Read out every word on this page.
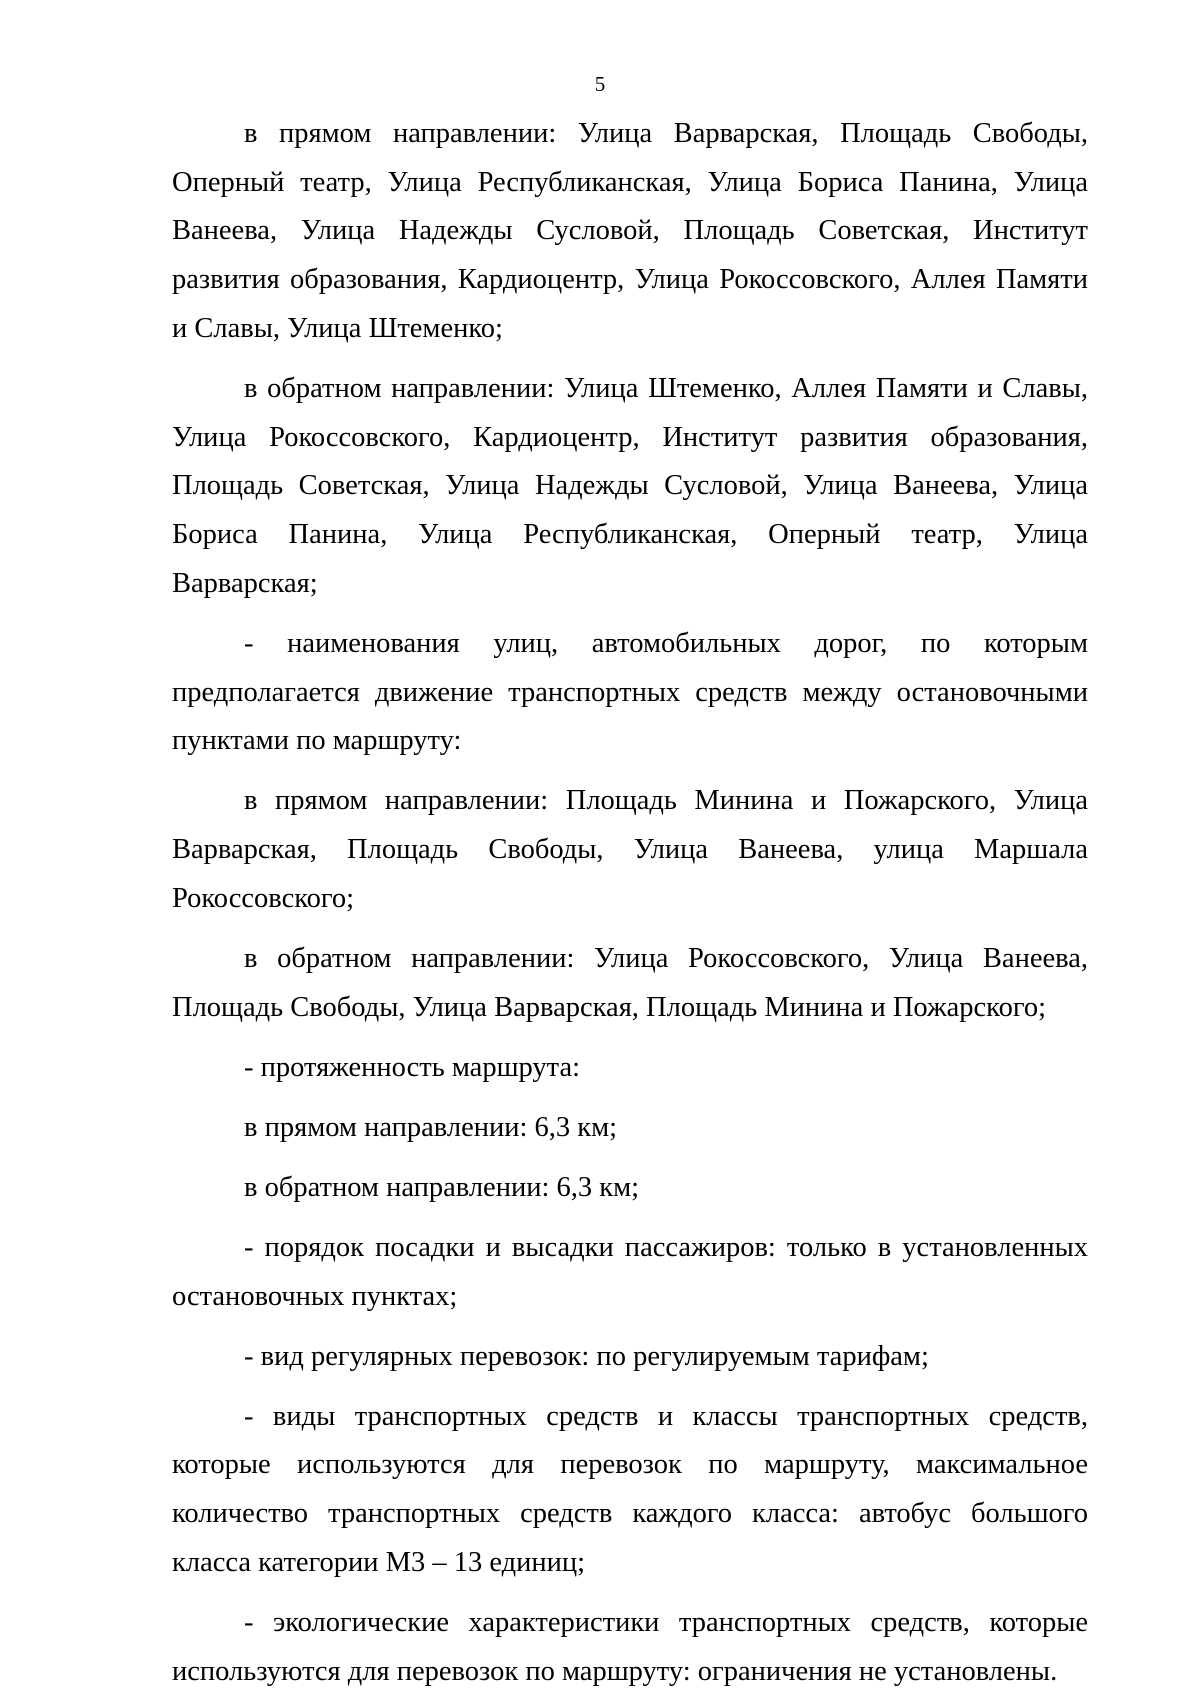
5

в прямом направлении: Улица Варварская, Площадь Свободы, Оперный театр, Улица Республиканская, Улица Бориса Панина, Улица Ванеева, Улица Надежды Сусловой, Площадь Советская, Институт развития образования, Кардиоцентр, Улица Рокоссовского, Аллея Памяти и Славы, Улица Штеменко;

в обратном направлении: Улица Штеменко, Аллея Памяти и Славы, Улица Рокоссовского, Кардиоцентр, Институт развития образования, Площадь Советская, Улица Надежды Сусловой, Улица Ванеева, Улица Бориса Панина, Улица Республиканская, Оперный театр, Улица Варварская;

- наименования улиц, автомобильных дорог, по которым предполагается движение транспортных средств между остановочными пунктами по маршруту:

в прямом направлении: Площадь Минина и Пожарского, Улица Варварская, Площадь Свободы, Улица Ванеева, улица Маршала Рокоссовского;

в обратном направлении: Улица Рокоссовского, Улица Ванеева, Площадь Свободы, Улица Варварская, Площадь Минина и Пожарского;

- протяженность маршрута:

в прямом направлении: 6,3 км;

в обратном направлении: 6,3 км;

- порядок посадки и высадки пассажиров: только в установленных остановочных пунктах;

- вид регулярных перевозок: по регулируемым тарифам;

- виды транспортных средств и классы транспортных средств, которые используются для перевозок по маршруту, максимальное количество транспортных средств каждого класса: автобус большого класса категории М3 – 13 единиц;

- экологические характеристики транспортных средств, которые используются для перевозок по маршруту: ограничения не установлены.
